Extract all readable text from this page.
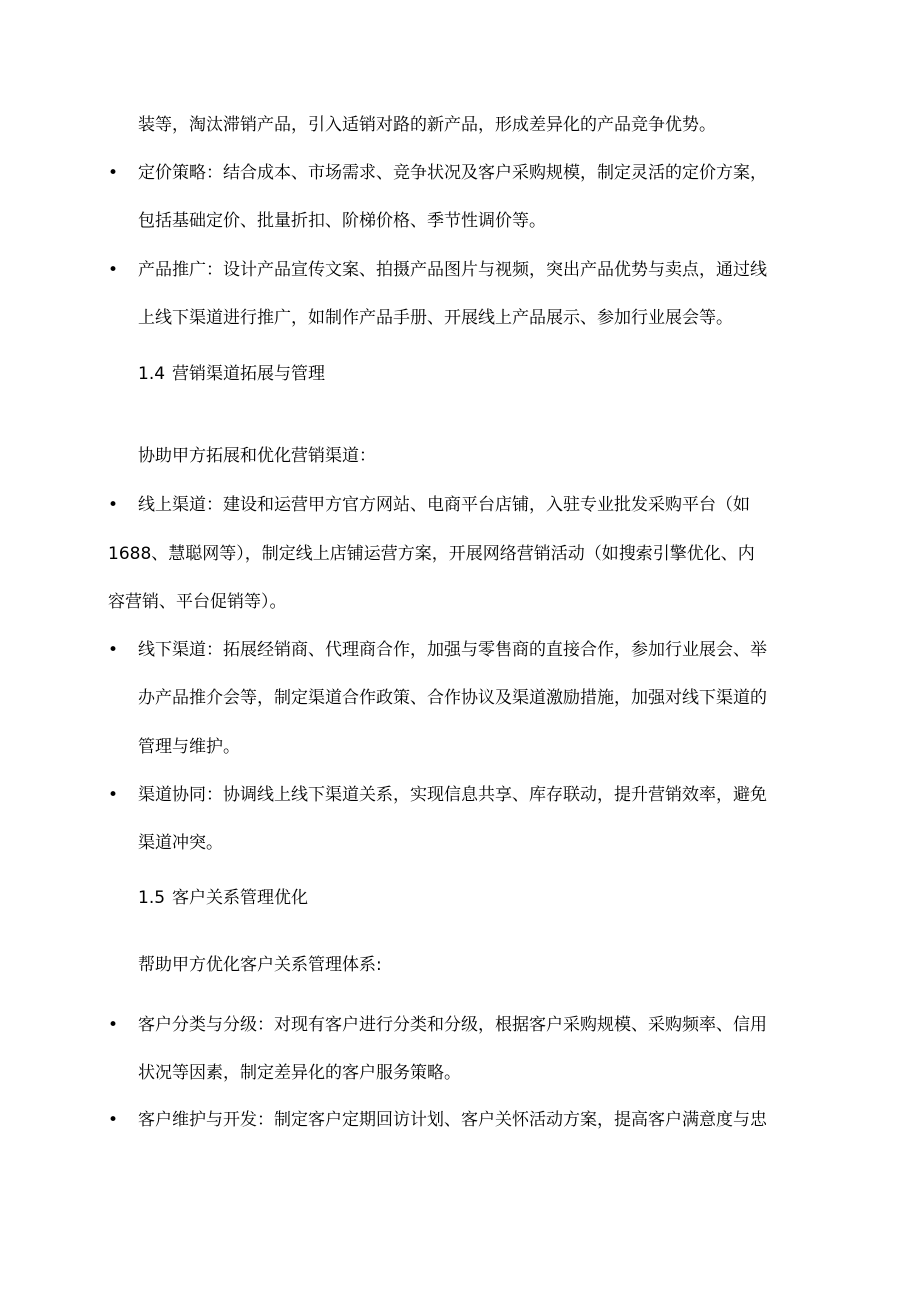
装等，淘汰滞销产品，引入适销对路的新产品，形成差异化的产品竞争优势。
• 定价策略：结合成本、市场需求、竞争状况及客户采购规模，制定灵活的定价方案，
包括基础定价、批量折扣、阶梯价格、季节性调价等。
• 产品推广：设计产品宣传文案、拍摄产品图片与视频，突出产品优势与卖点，通过线
上线下渠道进行推广，如制作产品手册、开展线上产品展示、参加行业展会等。
1.4 营销渠道拓展与管理
协助甲方拓展和优化营销渠道：
• 线上渠道：建设和运营甲方官方网站、电商平台店铺，入驻专业批发采购平台（如
1688、慧聪网等），制定线上店铺运营方案，开展网络营销活动（如搜索引擎优化、内
容营销、平台促销等）。
• 线下渠道：拓展经销商、代理商合作，加强与零售商的直接合作，参加行业展会、举
办产品推介会等，制定渠道合作政策、合作协议及渠道激励措施，加强对线下渠道的
管理与维护。
• 渠道协同：协调线上线下渠道关系，实现信息共享、库存联动，提升营销效率，避免
渠道冲突。
1.5 客户关系管理优化
帮助甲方优化客户关系管理体系:
• 客户分类与分级：对现有客户进行分类和分级，根据客户采购规模、采购频率、信用
状况等因素，制定差异化的客户服务策略。
• 客户维护与开发：制定客户定期回访计划、客户关怀活动方案，提高客户满意度与忠
